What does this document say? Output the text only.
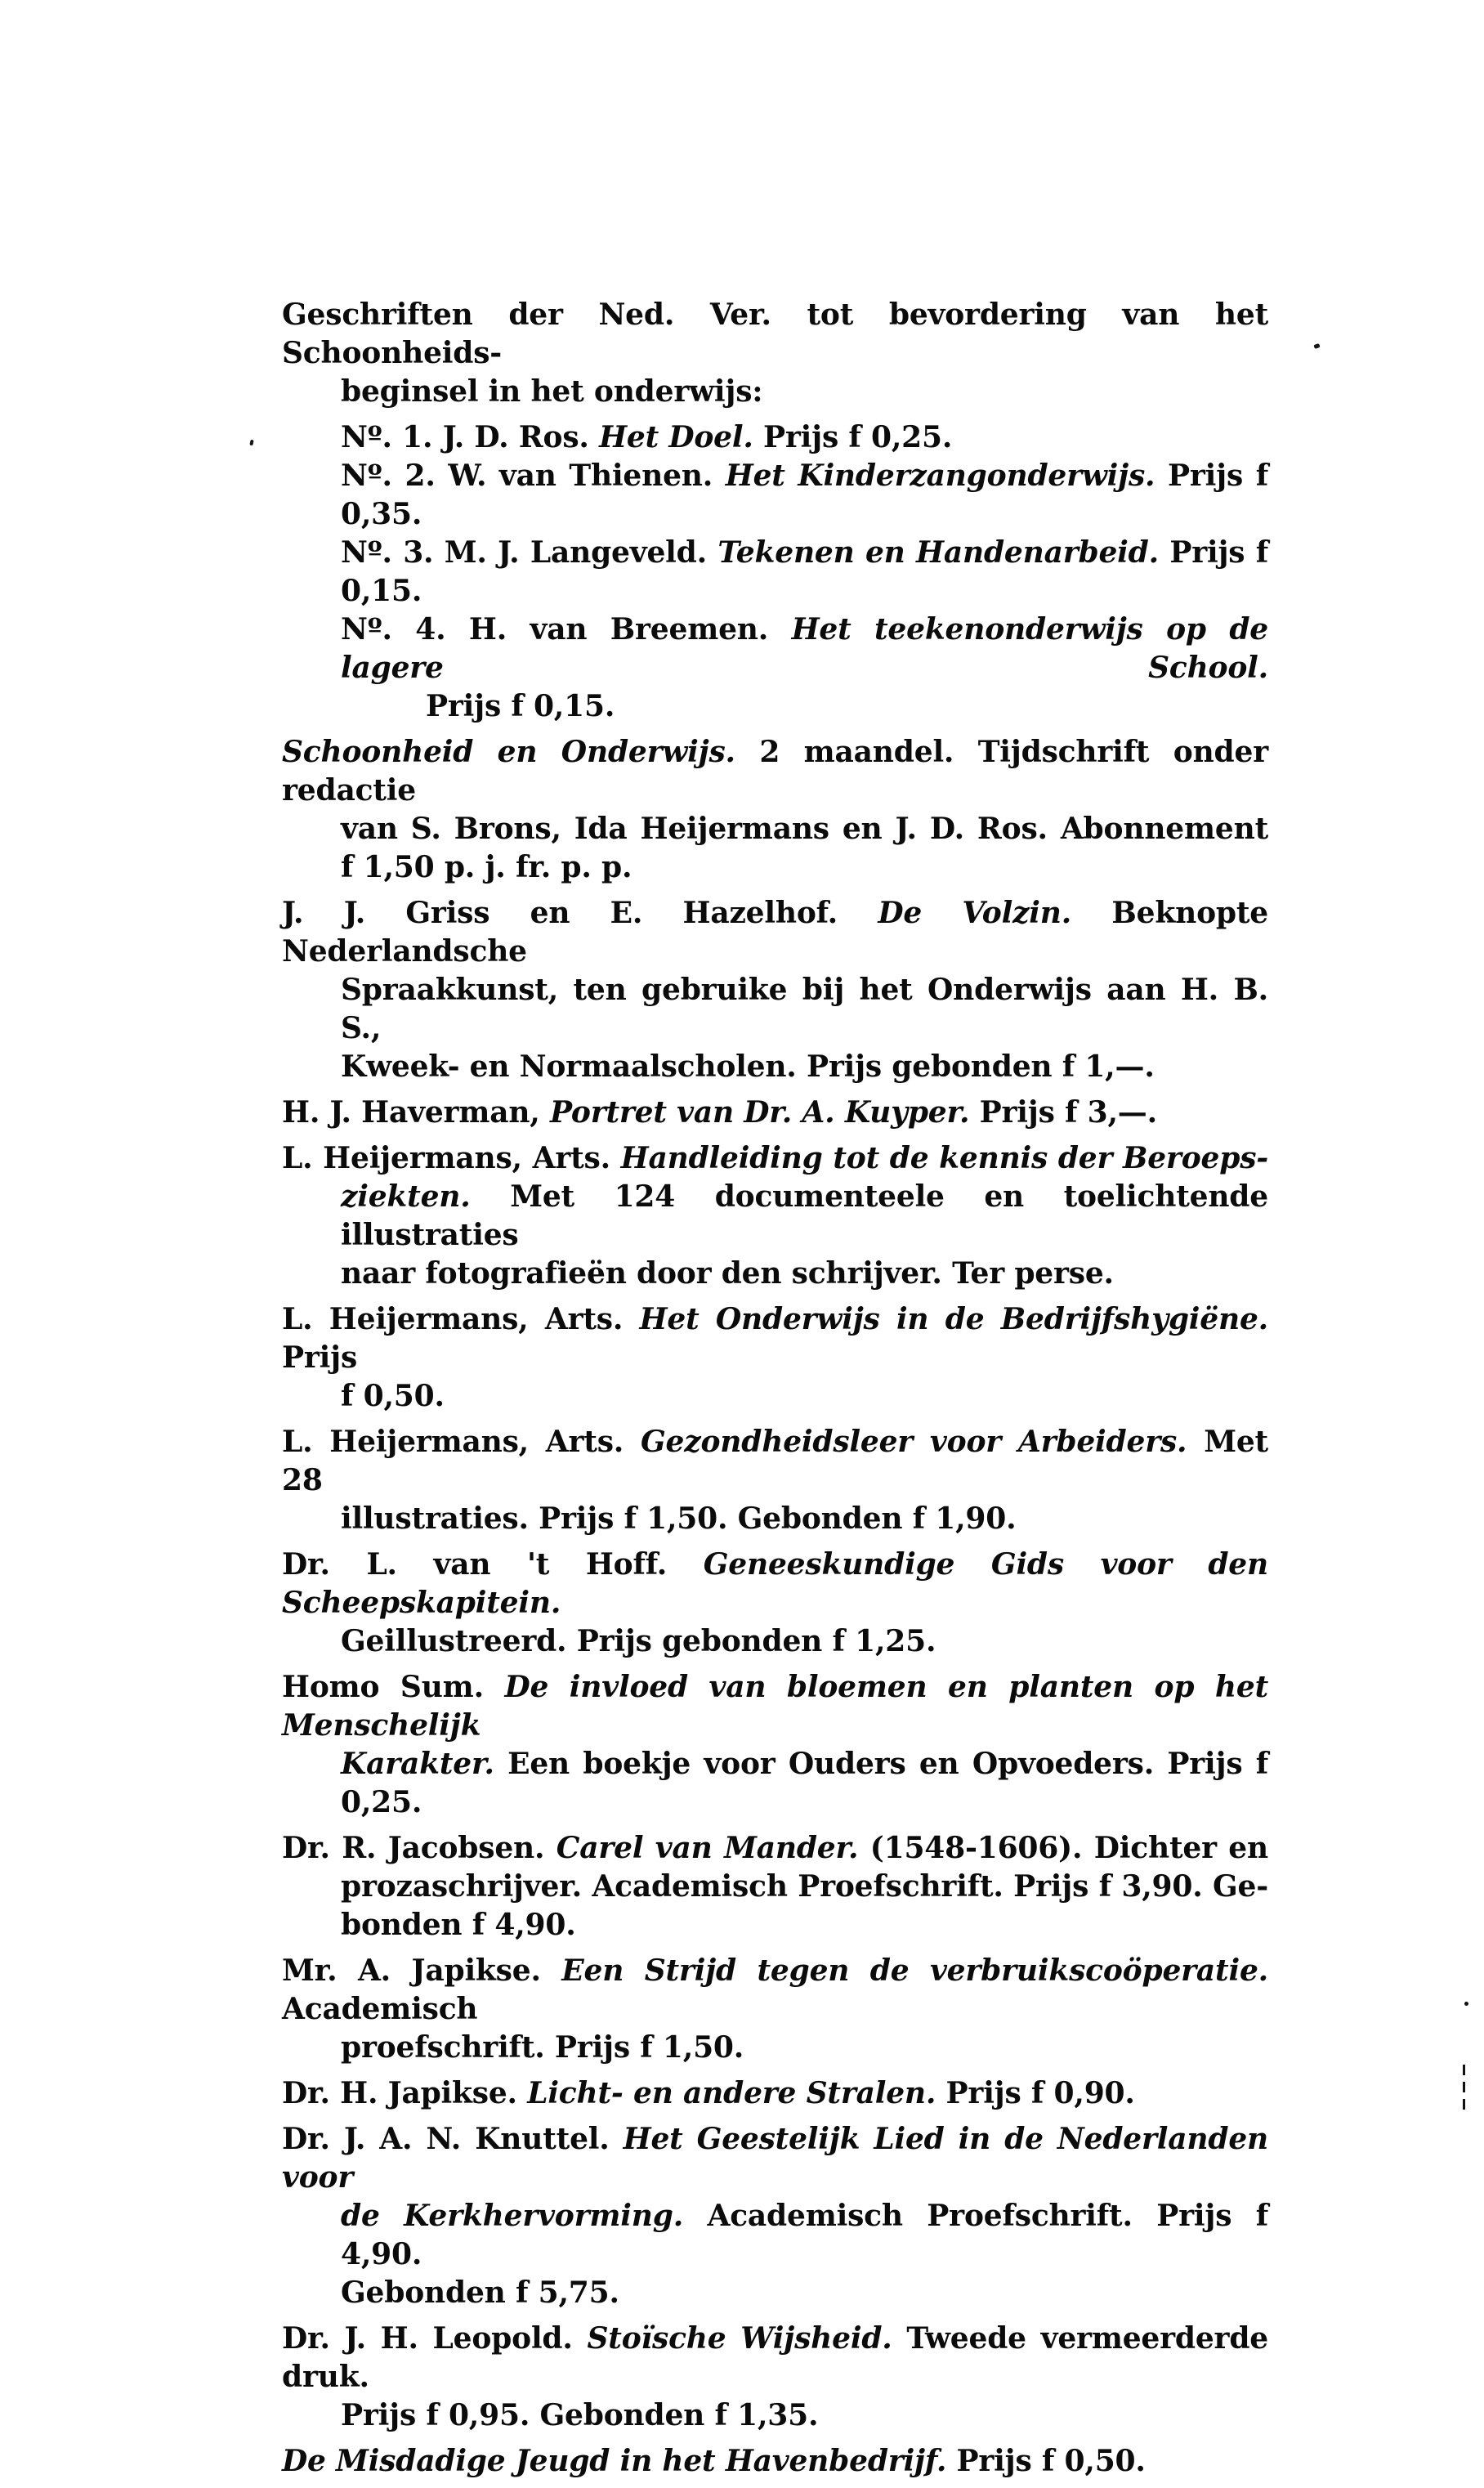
Geschriften der Ned. Ver. tot bevordering van het Schoonheids-
beginsel in het onderwijs:

Nº. 1. J. D. Ros. Het Doel. Prijs f 0,25.
Nº. 2. W. van Thienen. Het Kinderzangonderwijs. Prijs f 0,35.
Nº. 3. M. J. Langeveld. Tekenen en Handenarbeid. Prijs f 0,15.
Nº. 4. H. van Breemen. Het teekenonderwijs op de lagere School.
Prijs f 0,15.

Schoonheid en Onderwijs. 2 maandel. Tijdschrift onder redactie
van S. Brons, Ida Heijermans en J. D. Ros. Abonnement
f 1,50 p. j. fr. p. p.

J. J. Griss en E. Hazelhof. De Volzin. Beknopte Nederlandsche
Spraakkunst, ten gebruike bij het Onderwijs aan H. B. S.,
Kweek- en Normaalscholen. Prijs gebonden f 1,—.

H. J. Haverman, Portret van Dr. A. Kuyper. Prijs f 3,—.

L. Heijermans, Arts. Handleiding tot de kennis der Beroeps-
ziekten. Met 124 documenteele en toelichtende illustraties
naar fotografieën door den schrijver. Ter perse.

L. Heijermans, Arts. Het Onderwijs in de Bedrijfshygiëne. Prijs
f 0,50.

L. Heijermans, Arts. Gezondheidsleer voor Arbeiders. Met 28
illustraties. Prijs f 1,50. Gebonden f 1,90.

Dr. L. van 't Hoff. Geneeskundige Gids voor den Scheepskapitein.
Geillustreerd. Prijs gebonden f 1,25.

Homo Sum. De invloed van bloemen en planten op het Menschelijk
Karakter. Een boekje voor Ouders en Opvoeders. Prijs f 0,25.

Dr. R. Jacobsen. Carel van Mander. (1548-1606). Dichter en
prozaschrijver. Academisch Proefschrift. Prijs f 3,90. Ge-
bonden f 4,90.

Mr. A. Japikse. Een Strijd tegen de verbruikscoöperatie. Academisch
proefschrift. Prijs f 1,50.

Dr. H. Japikse. Licht- en andere Stralen. Prijs f 0,90.

Dr. J. A. N. Knuttel. Het Geestelijk Lied in de Nederlanden voor
de Kerkhervorming. Academisch Proefschrift. Prijs f 4,90.
Gebonden f 5,75.

Dr. J. H. Leopold. Stoïsche Wijsheid. Tweede vermeerderde druk.
Prijs f 0,95. Gebonden f 1,35.

De Misdadige Jeugd in het Havenbedrijf. Prijs f 0,50.
